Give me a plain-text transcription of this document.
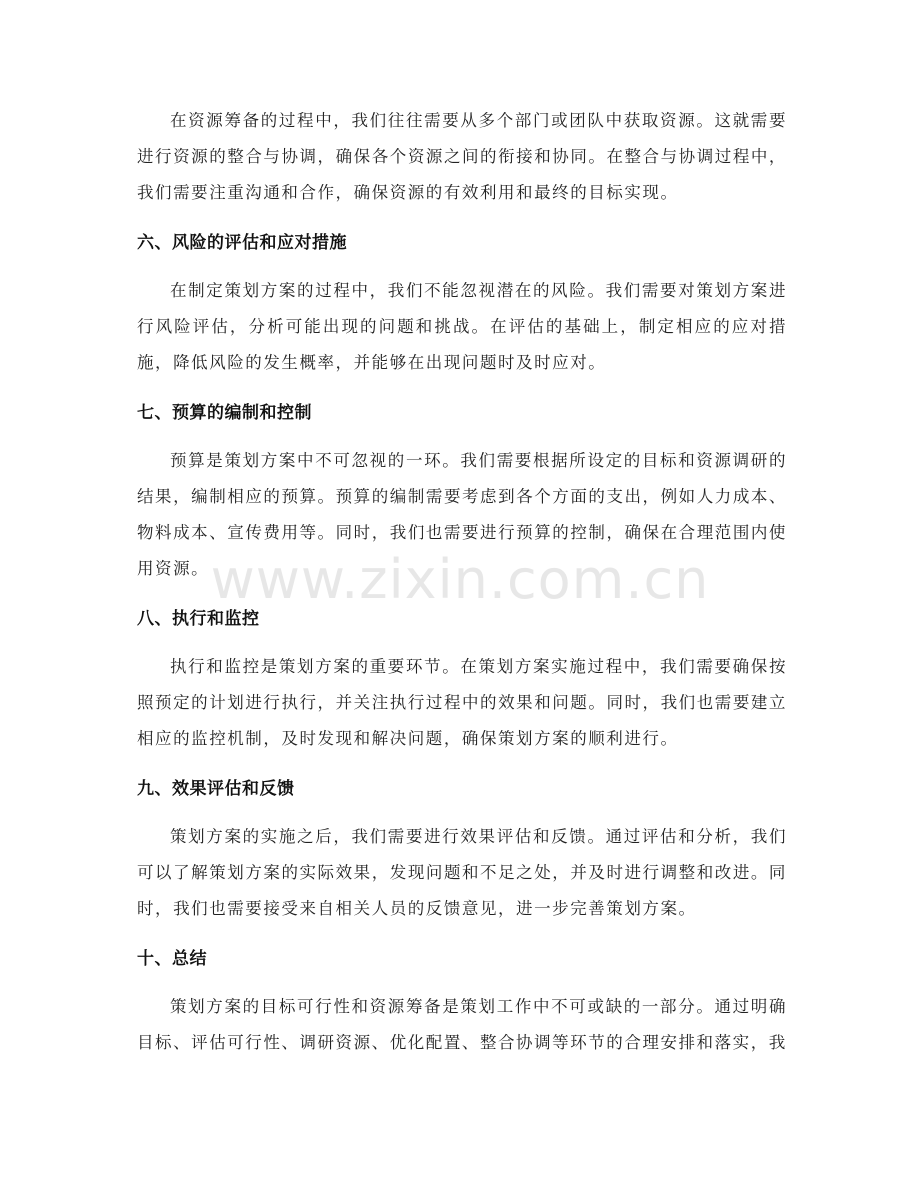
在资源筹备的过程中，我们往往需要从多个部门或团队中获取资源。这就需要进行资源的整合与协调，确保各个资源之间的衔接和协同。在整合与协调过程中，我们需要注重沟通和合作，确保资源的有效利用和最终的目标实现。

六、风险的评估和应对措施

在制定策划方案的过程中，我们不能忽视潜在的风险。我们需要对策划方案进行风险评估，分析可能出现的问题和挑战。在评估的基础上，制定相应的应对措施，降低风险的发生概率，并能够在出现问题时及时应对。

七、预算的编制和控制

预算是策划方案中不可忽视的一环。我们需要根据所设定的目标和资源调研的结果，编制相应的预算。预算的编制需要考虑到各个方面的支出，例如人力成本、物料成本、宣传费用等。同时，我们也需要进行预算的控制，确保在合理范围内使用资源。

八、执行和监控

执行和监控是策划方案的重要环节。在策划方案实施过程中，我们需要确保按照预定的计划进行执行，并关注执行过程中的效果和问题。同时，我们也需要建立相应的监控机制，及时发现和解决问题，确保策划方案的顺利进行。

九、效果评估和反馈

策划方案的实施之后，我们需要进行效果评估和反馈。通过评估和分析，我们可以了解策划方案的实际效果，发现问题和不足之处，并及时进行调整和改进。同时，我们也需要接受来自相关人员的反馈意见，进一步完善策划方案。

十、总结

策划方案的目标可行性和资源筹备是策划工作中不可或缺的一部分。通过明确目标、评估可行性、调研资源、优化配置、整合协调等环节的合理安排和落实，我

www.zixin.com.cn
